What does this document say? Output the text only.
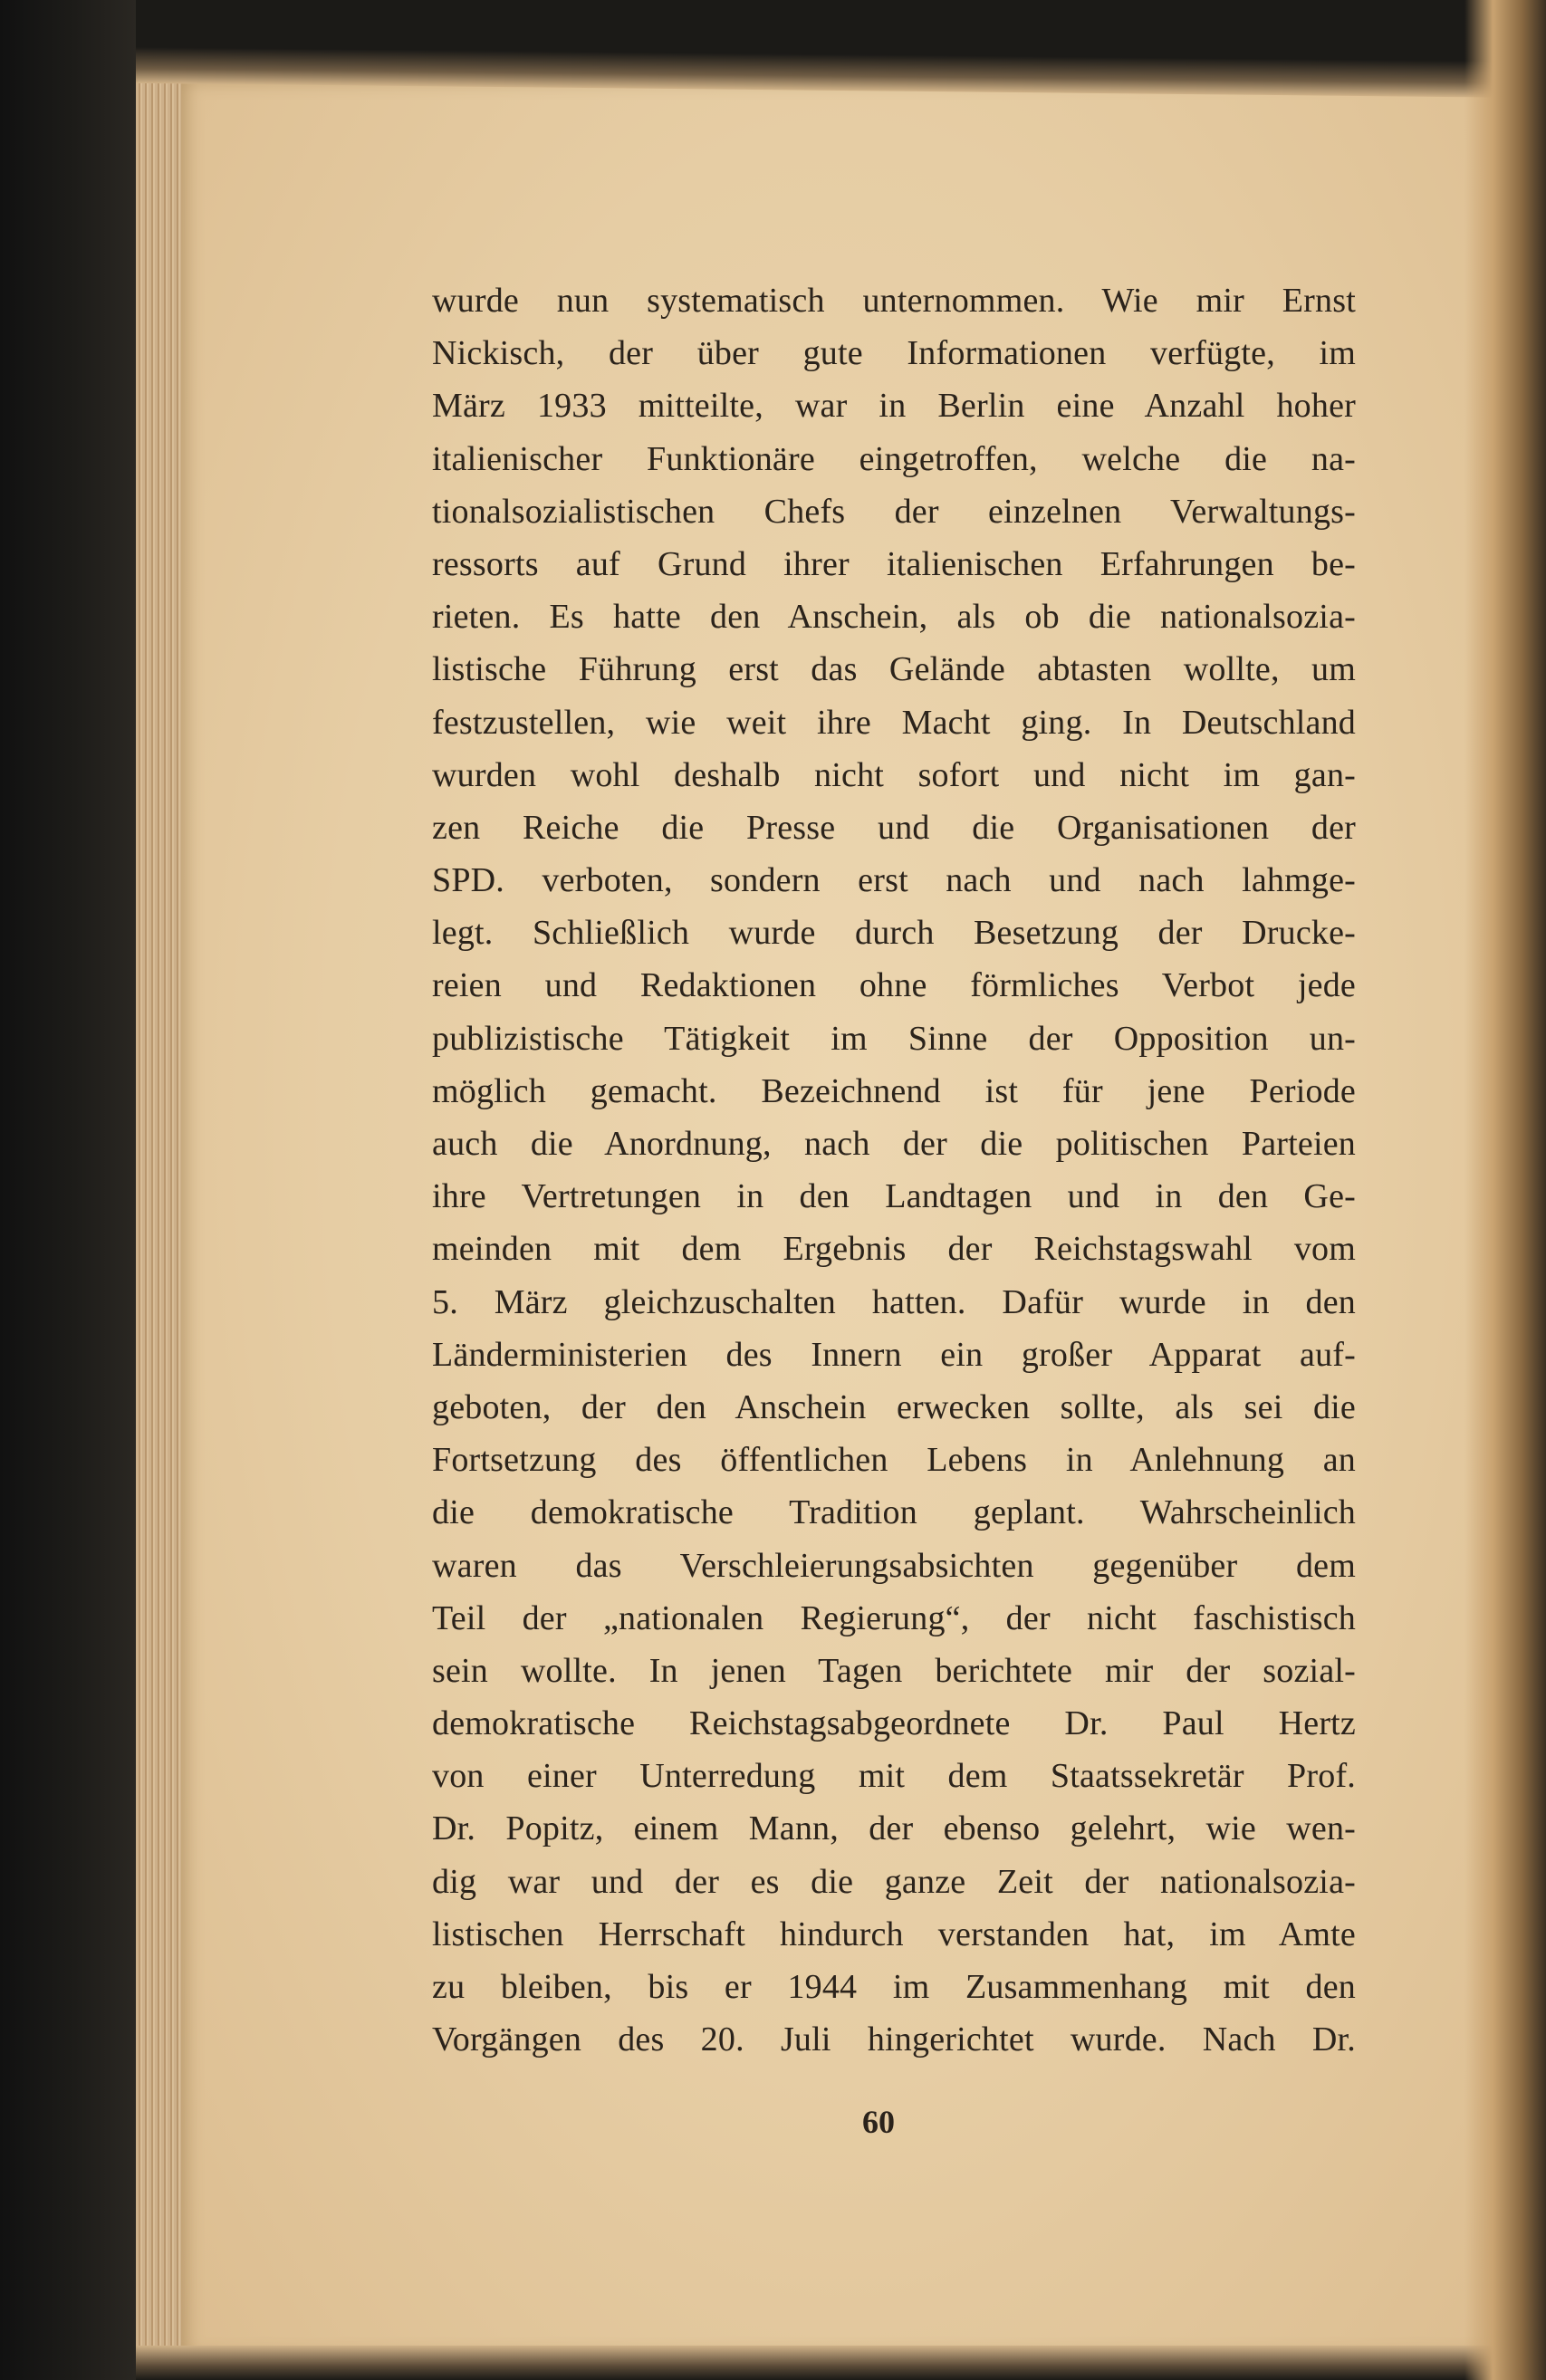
wurde nun systematisch unternommen. Wie mir Ernst
Nickisch, der über gute Informationen verfügte, im
März 1933 mitteilte, war in Berlin eine Anzahl hoher
italienischer Funktionäre eingetroffen, welche die na-
tionalsozialistischen Chefs der einzelnen Verwaltungs-
ressorts auf Grund ihrer italienischen Erfahrungen be-
rieten. Es hatte den Anschein, als ob die nationalsozia-
listische Führung erst das Gelände abtasten wollte, um
festzustellen, wie weit ihre Macht ging. In Deutschland
wurden wohl deshalb nicht sofort und nicht im gan-
zen Reiche die Presse und die Organisationen der
SPD. verboten, sondern erst nach und nach lahmge-
legt. Schließlich wurde durch Besetzung der Drucke-
reien und Redaktionen ohne förmliches Verbot jede
publizistische Tätigkeit im Sinne der Opposition un-
möglich gemacht. Bezeichnend ist für jene Periode
auch die Anordnung, nach der die politischen Parteien
ihre Vertretungen in den Landtagen und in den Ge-
meinden mit dem Ergebnis der Reichstagswahl vom
5. März gleichzuschalten hatten. Dafür wurde in den
Länderministerien des Innern ein großer Apparat auf-
geboten, der den Anschein erwecken sollte, als sei die
Fortsetzung des öffentlichen Lebens in Anlehnung an
die demokratische Tradition geplant. Wahrscheinlich
waren das Verschleierungsabsichten gegenüber dem
Teil der „nationalen Regierung“, der nicht faschistisch
sein wollte. In jenen Tagen berichtete mir der sozial-
demokratische Reichstagsabgeordnete Dr. Paul Hertz
von einer Unterredung mit dem Staatssekretär Prof.
Dr. Popitz, einem Mann, der ebenso gelehrt, wie wen-
dig war und der es die ganze Zeit der nationalsozia-
listischen Herrschaft hindurch verstanden hat, im Amte
zu bleiben, bis er 1944 im Zusammenhang mit den
Vorgängen des 20. Juli hingerichtet wurde. Nach Dr.
60
